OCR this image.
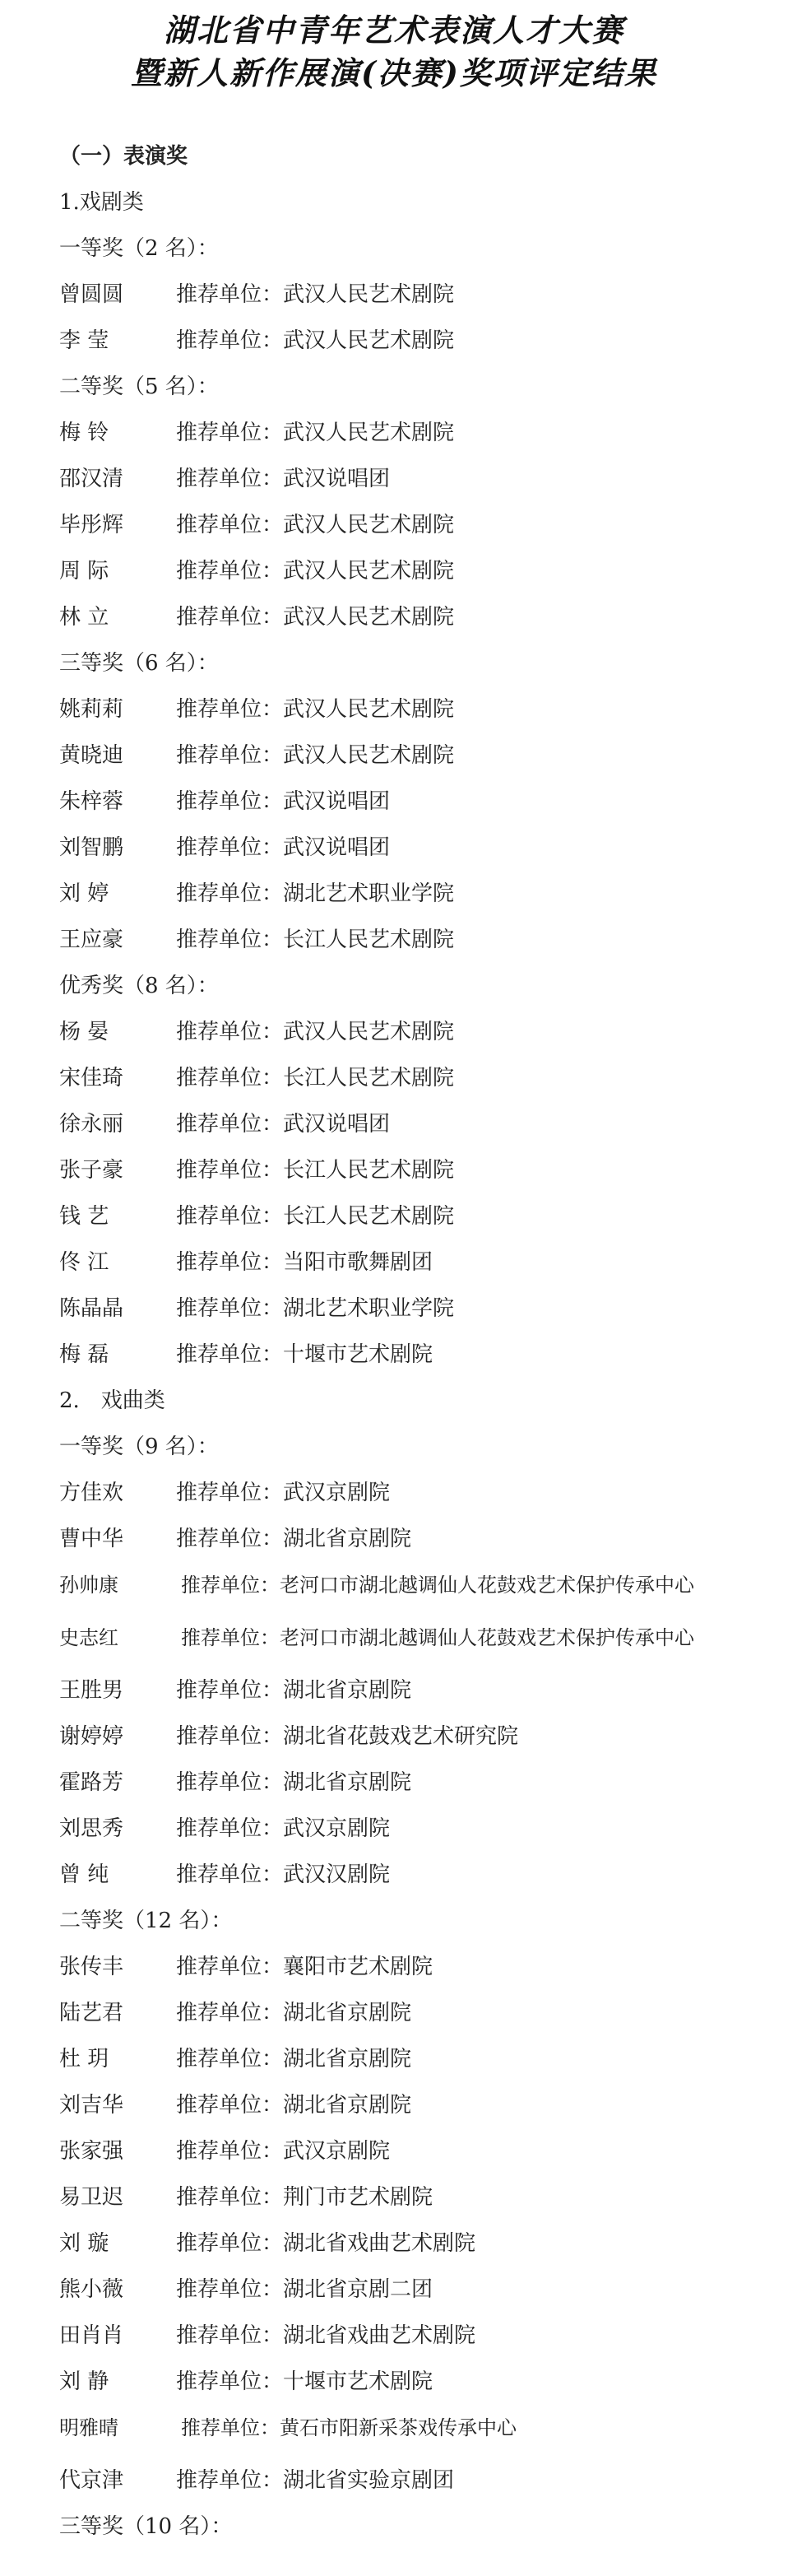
湖北省中青年艺术表演人才大赛
暨新人新作展演(决赛)奖项评定结果
（一）表演奖
1.戏剧类
一等奖（2 名）：
曾圆圆 推荐单位：武汉人民艺术剧院
李 莹	推荐单位：武汉人民艺术剧院
二等奖（5 名）：
梅 铃	推荐单位：武汉人民艺术剧院
邵汉清 推荐单位：武汉说唱团
毕彤辉 推荐单位：武汉人民艺术剧院
周 际	推荐单位：武汉人民艺术剧院
林 立	推荐单位：武汉人民艺术剧院
三等奖（6 名）：
姚莉莉 推荐单位：武汉人民艺术剧院
黄晓迪 推荐单位：武汉人民艺术剧院
朱梓蓉 推荐单位：武汉说唱团
刘智鹏 推荐单位：武汉说唱团
刘 婷	推荐单位：湖北艺术职业学院
王应豪 推荐单位：长江人民艺术剧院
优秀奖（8 名）：
杨 晏	推荐单位：武汉人民艺术剧院
宋佳琦 推荐单位：长江人民艺术剧院
徐永丽 推荐单位：武汉说唱团
张子豪 推荐单位：长江人民艺术剧院
钱 艺	推荐单位：长江人民艺术剧院
佟 江	推荐单位：当阳市歌舞剧团
陈晶晶 推荐单位：湖北艺术职业学院
梅 磊	推荐单位：十堰市艺术剧院
2.　戏曲类
一等奖（9 名）：
方佳欢 推荐单位：武汉京剧院
曹中华 推荐单位：湖北省京剧院
孙帅康	推荐单位：老河口市湖北越调仙人花鼓戏艺术保护传承中心
史志红	推荐单位：老河口市湖北越调仙人花鼓戏艺术保护传承中心
王胜男 推荐单位：湖北省京剧院
谢婷婷 推荐单位：湖北省花鼓戏艺术研究院
霍路芳 推荐单位：湖北省京剧院
刘思秀 推荐单位：武汉京剧院
曾 纯	推荐单位：武汉汉剧院
二等奖（12 名）：
张传丰 推荐单位：襄阳市艺术剧院
陆艺君 推荐单位：湖北省京剧院
杜 玥	推荐单位：湖北省京剧院
刘吉华 推荐单位：湖北省京剧院
张家强 推荐单位：武汉京剧院
易卫迟 推荐单位：荆门市艺术剧院
刘 璇	推荐单位：湖北省戏曲艺术剧院
熊小薇 推荐单位：湖北省京剧二团
田肖肖 推荐单位：湖北省戏曲艺术剧院
刘 静	推荐单位：十堰市艺术剧院
明雅晴	推荐单位：黄石市阳新采茶戏传承中心
代京津 推荐单位：湖北省实验京剧团
三等奖（10 名）：
